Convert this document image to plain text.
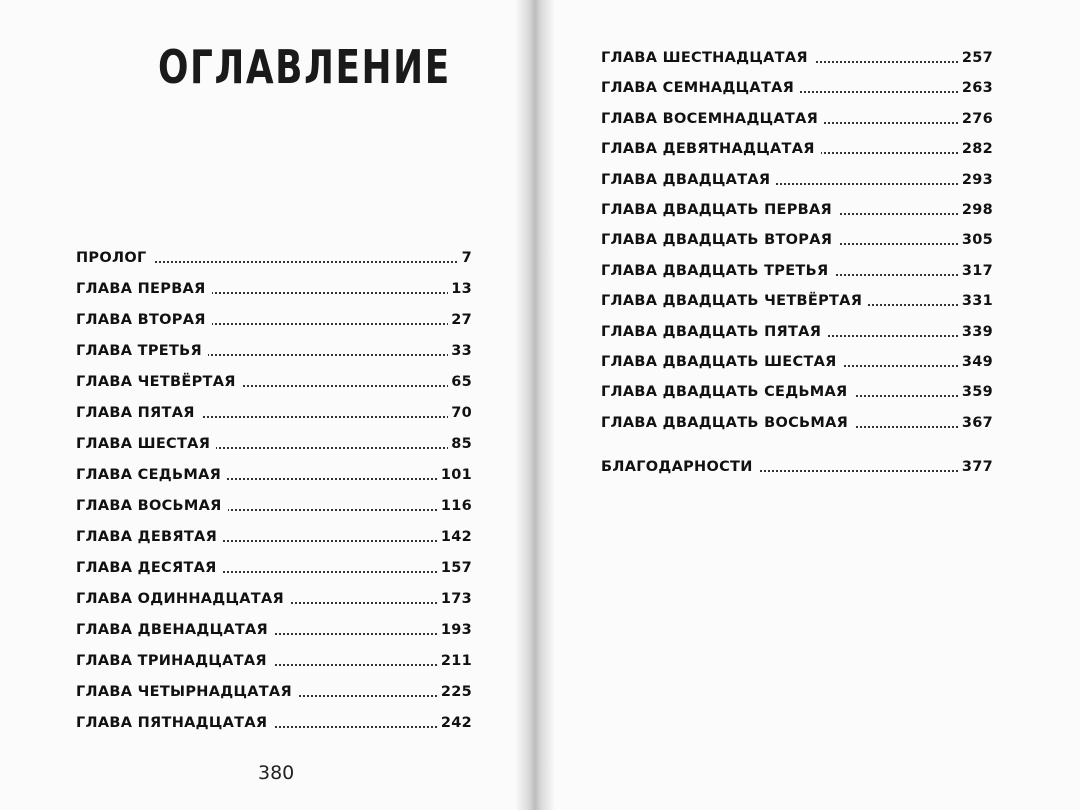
ОГЛАВЛЕНИЕ
ПРОЛОГ	7
ГЛАВА ПЕРВАЯ	13
ГЛАВА ВТОРАЯ	27
ГЛАВА ТРЕТЬЯ	33
ГЛАВА ЧЕТВЁРТАЯ	65
ГЛАВА ПЯТАЯ	70
ГЛАВА ШЕСТАЯ	85
ГЛАВА СЕДЬМАЯ	101
ГЛАВА ВОСЬМАЯ	116
ГЛАВА ДЕВЯТАЯ	142
ГЛАВА ДЕСЯТАЯ	157
ГЛАВА ОДИННАДЦАТАЯ	173
ГЛАВА ДВЕНАДЦАТАЯ	193
ГЛАВА ТРИНАДЦАТАЯ	211
ГЛАВА ЧЕТЫРНАДЦАТАЯ	225
ГЛАВА ПЯТНАДЦАТАЯ	242
ГЛАВА ШЕСТНАДЦАТАЯ	257
ГЛАВА СЕМНАДЦАТАЯ	263
ГЛАВА ВОСЕМНАДЦАТАЯ	276
ГЛАВА ДЕВЯТНАДЦАТАЯ	282
ГЛАВА ДВАДЦАТАЯ	293
ГЛАВА ДВАДЦАТЬ ПЕРВАЯ	298
ГЛАВА ДВАДЦАТЬ ВТОРАЯ	305
ГЛАВА ДВАДЦАТЬ ТРЕТЬЯ	317
ГЛАВА ДВАДЦАТЬ ЧЕТВЁРТАЯ	331
ГЛАВА ДВАДЦАТЬ ПЯТАЯ	339
ГЛАВА ДВАДЦАТЬ ШЕСТАЯ	349
ГЛАВА ДВАДЦАТЬ СЕДЬМАЯ	359
ГЛАВА ДВАДЦАТЬ ВОСЬМАЯ	367
БЛАГОДАРНОСТИ	377
380
